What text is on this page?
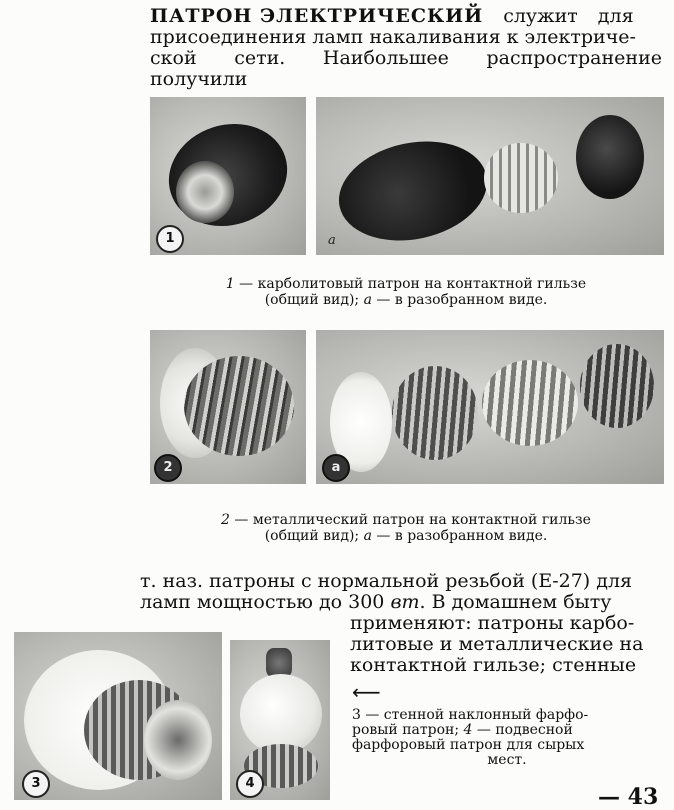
ПАТРОН ЭЛЕКТРИЧЕСКИЙ служит для
присоединения ламп накаливания к электриче-
ской сети. Наибольшее распространение получили
1	а
1 — карболитовый патрон на контактной гильзе
(общий вид); а — в разобранном виде.
2	а
2 — металлический патрон на контактной гильзе
(общий вид); а — в разобранном виде.
т. наз. патроны с нормальной резьбой (Е-27) для
ламп мощностью до 300 вт. В домашнем быту
применяют: патроны карбо-
литовые и металлические на
контактной гильзе; стенные
3	4
⟵
3 — стенной наклонный фарфо-
ровый патрон; 4 — подвесной
фарфоровый патрон для сырых
мест.
— 43
